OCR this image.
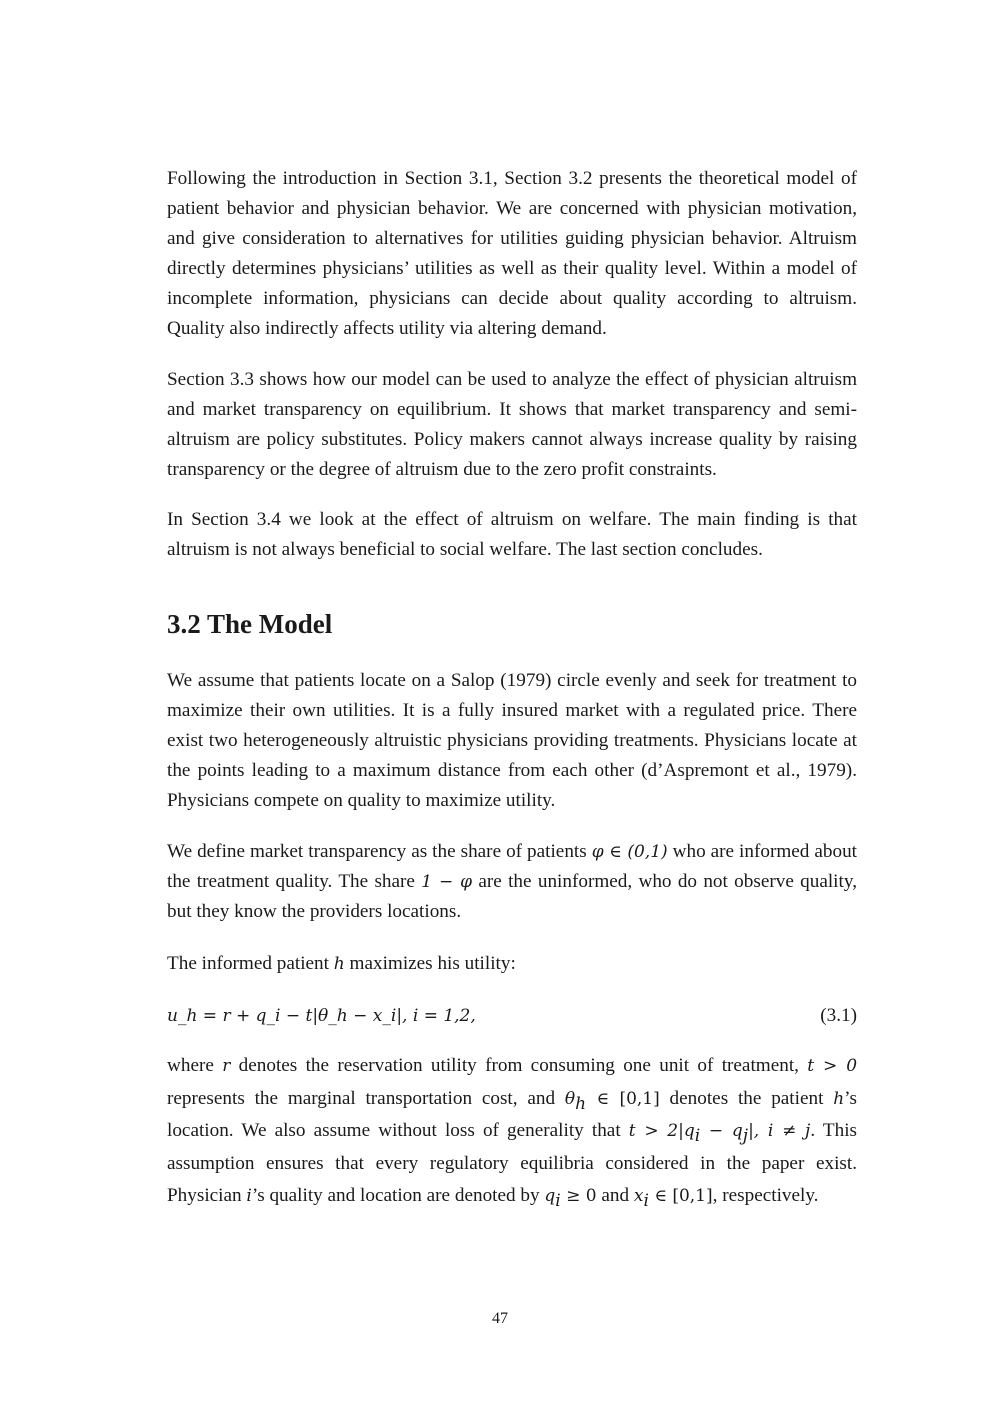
Following the introduction in Section 3.1, Section 3.2 presents the theoretical model of patient behavior and physician behavior. We are concerned with physician motivation, and give consideration to alternatives for utilities guiding physician behavior. Altruism directly determines physicians’ utilities as well as their quality level. Within a model of incomplete information, physicians can decide about quality according to altruism. Quality also indirectly affects utility via altering demand.

Section 3.3 shows how our model can be used to analyze the effect of physician altruism and market transparency on equilibrium. It shows that market transparency and semi-altruism are policy substitutes. Policy makers cannot always increase quality by raising transparency or the degree of altruism due to the zero profit constraints.

In Section 3.4 we look at the effect of altruism on welfare. The main finding is that altruism is not always beneficial to social welfare. The last section concludes.

3.2 The Model

We assume that patients locate on a Salop (1979) circle evenly and seek for treatment to maximize their own utilities. It is a fully insured market with a regulated price. There exist two heterogeneously altruistic physicians providing treatments. Physicians locate at the points leading to a maximum distance from each other (d’Aspremont et al., 1979). Physicians compete on quality to maximize utility.

We define market transparency as the share of patients φ ∈ (0,1) who are informed about the treatment quality. The share 1 − φ are the uninformed, who do not observe quality, but they know the providers locations.

The informed patient h maximizes his utility:

u_h = r + q_i − t|θ_h − x_i|, i = 1,2,	(3.1)

where r denotes the reservation utility from consuming one unit of treatment, t > 0 represents the marginal transportation cost, and $\theta_h$ ∈ [0,1] denotes the patient h’s location. We also assume without loss of generality that $t > 2|q_i - q_j|$, i ≠ j. This assumption ensures that every regulatory equilibria considered in the paper exist. Physician i’s quality and location are denoted by $q_i \ge 0$ and $x_i$ ∈ [0,1], respectively.

47
